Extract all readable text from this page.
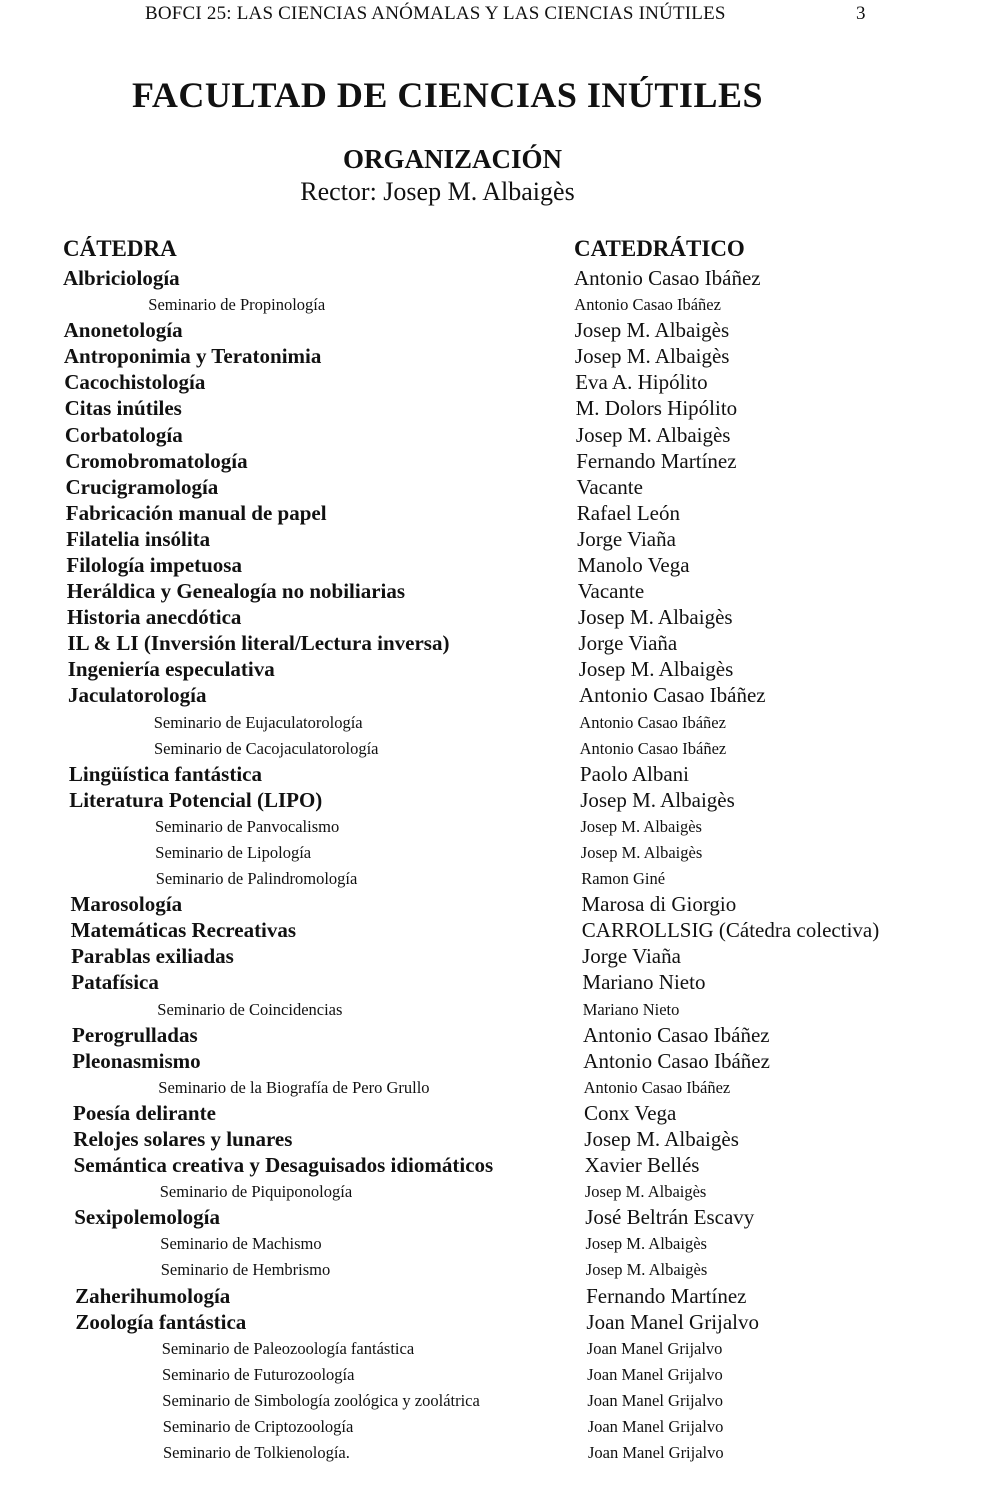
BOFCI 25: LAS CIENCIAS ANÓMALAS Y LAS CIENCIAS INÚTILES	3
FACULTAD DE CIENCIAS INÚTILES
ORGANIZACIÓN
Rector: Josep M. Albaigès
CÁTEDRA	CATEDRÁTICO
Albriciología	Antonio Casao Ibáñez
Seminario de Propinología	Antonio Casao Ibáñez
Anonetología	Josep M. Albaigès
Antroponimia y Teratonimia	Josep M. Albaigès
Cacochistología	Eva A. Hipólito
Citas inútiles	M. Dolors Hipólito
Corbatología	Josep M. Albaigès
Cromobromatología	Fernando Martínez
Crucigramología	Vacante
Fabricación manual de papel	Rafael León
Filatelia insólita	Jorge Viaña
Filología impetuosa	Manolo Vega
Heráldica y Genealogía no nobiliarias	Vacante
Historia anecdótica	Josep M. Albaigès
IL & LI (Inversión literal/Lectura inversa)	Jorge Viaña
Ingeniería especulativa	Josep M. Albaigès
Jaculatorología	Antonio Casao Ibáñez
Seminario de Eujaculatorología	Antonio Casao Ibáñez
Seminario de Cacojaculatorología	Antonio Casao Ibáñez
Lingüística fantástica	Paolo Albani
Literatura Potencial (LIPO)	Josep M. Albaigès
Seminario de Panvocalismo	Josep M. Albaigès
Seminario de Lipología	Josep M. Albaigès
Seminario de Palindromología	Ramon Giné
Marosología	Marosa di Giorgio
Matemáticas Recreativas	CARROLLSIG (Cátedra colectiva)
Parablas exiliadas	Jorge Viaña
Patafísica	Mariano Nieto
Seminario de Coincidencias	Mariano Nieto
Perogrulladas	Antonio Casao Ibáñez
Pleonasmismo	Antonio Casao Ibáñez
Seminario de la Biografía de Pero Grullo	Antonio Casao Ibáñez
Poesía delirante	Conx Vega
Relojes solares y lunares	Josep M. Albaigès
Semántica creativa y Desaguisados idiomáticos	Xavier Bellés
Seminario de Piquiponología	Josep M. Albaigès
Sexipolemología	José Beltrán Escavy
Seminario de Machismo	Josep M. Albaigès
Seminario de Hembrismo	Josep M. Albaigès
Zaherihumología	Fernando Martínez
Zoología fantástica	Joan Manel Grijalvo
Seminario de Paleozoología fantástica	Joan Manel Grijalvo
Seminario de Futurozoología	Joan Manel Grijalvo
Seminario de Simbología zoológica y zoolátrica	Joan Manel Grijalvo
Seminario de Criptozoología	Joan Manel Grijalvo
Seminario de Tolkienología.	Joan Manel Grijalvo
